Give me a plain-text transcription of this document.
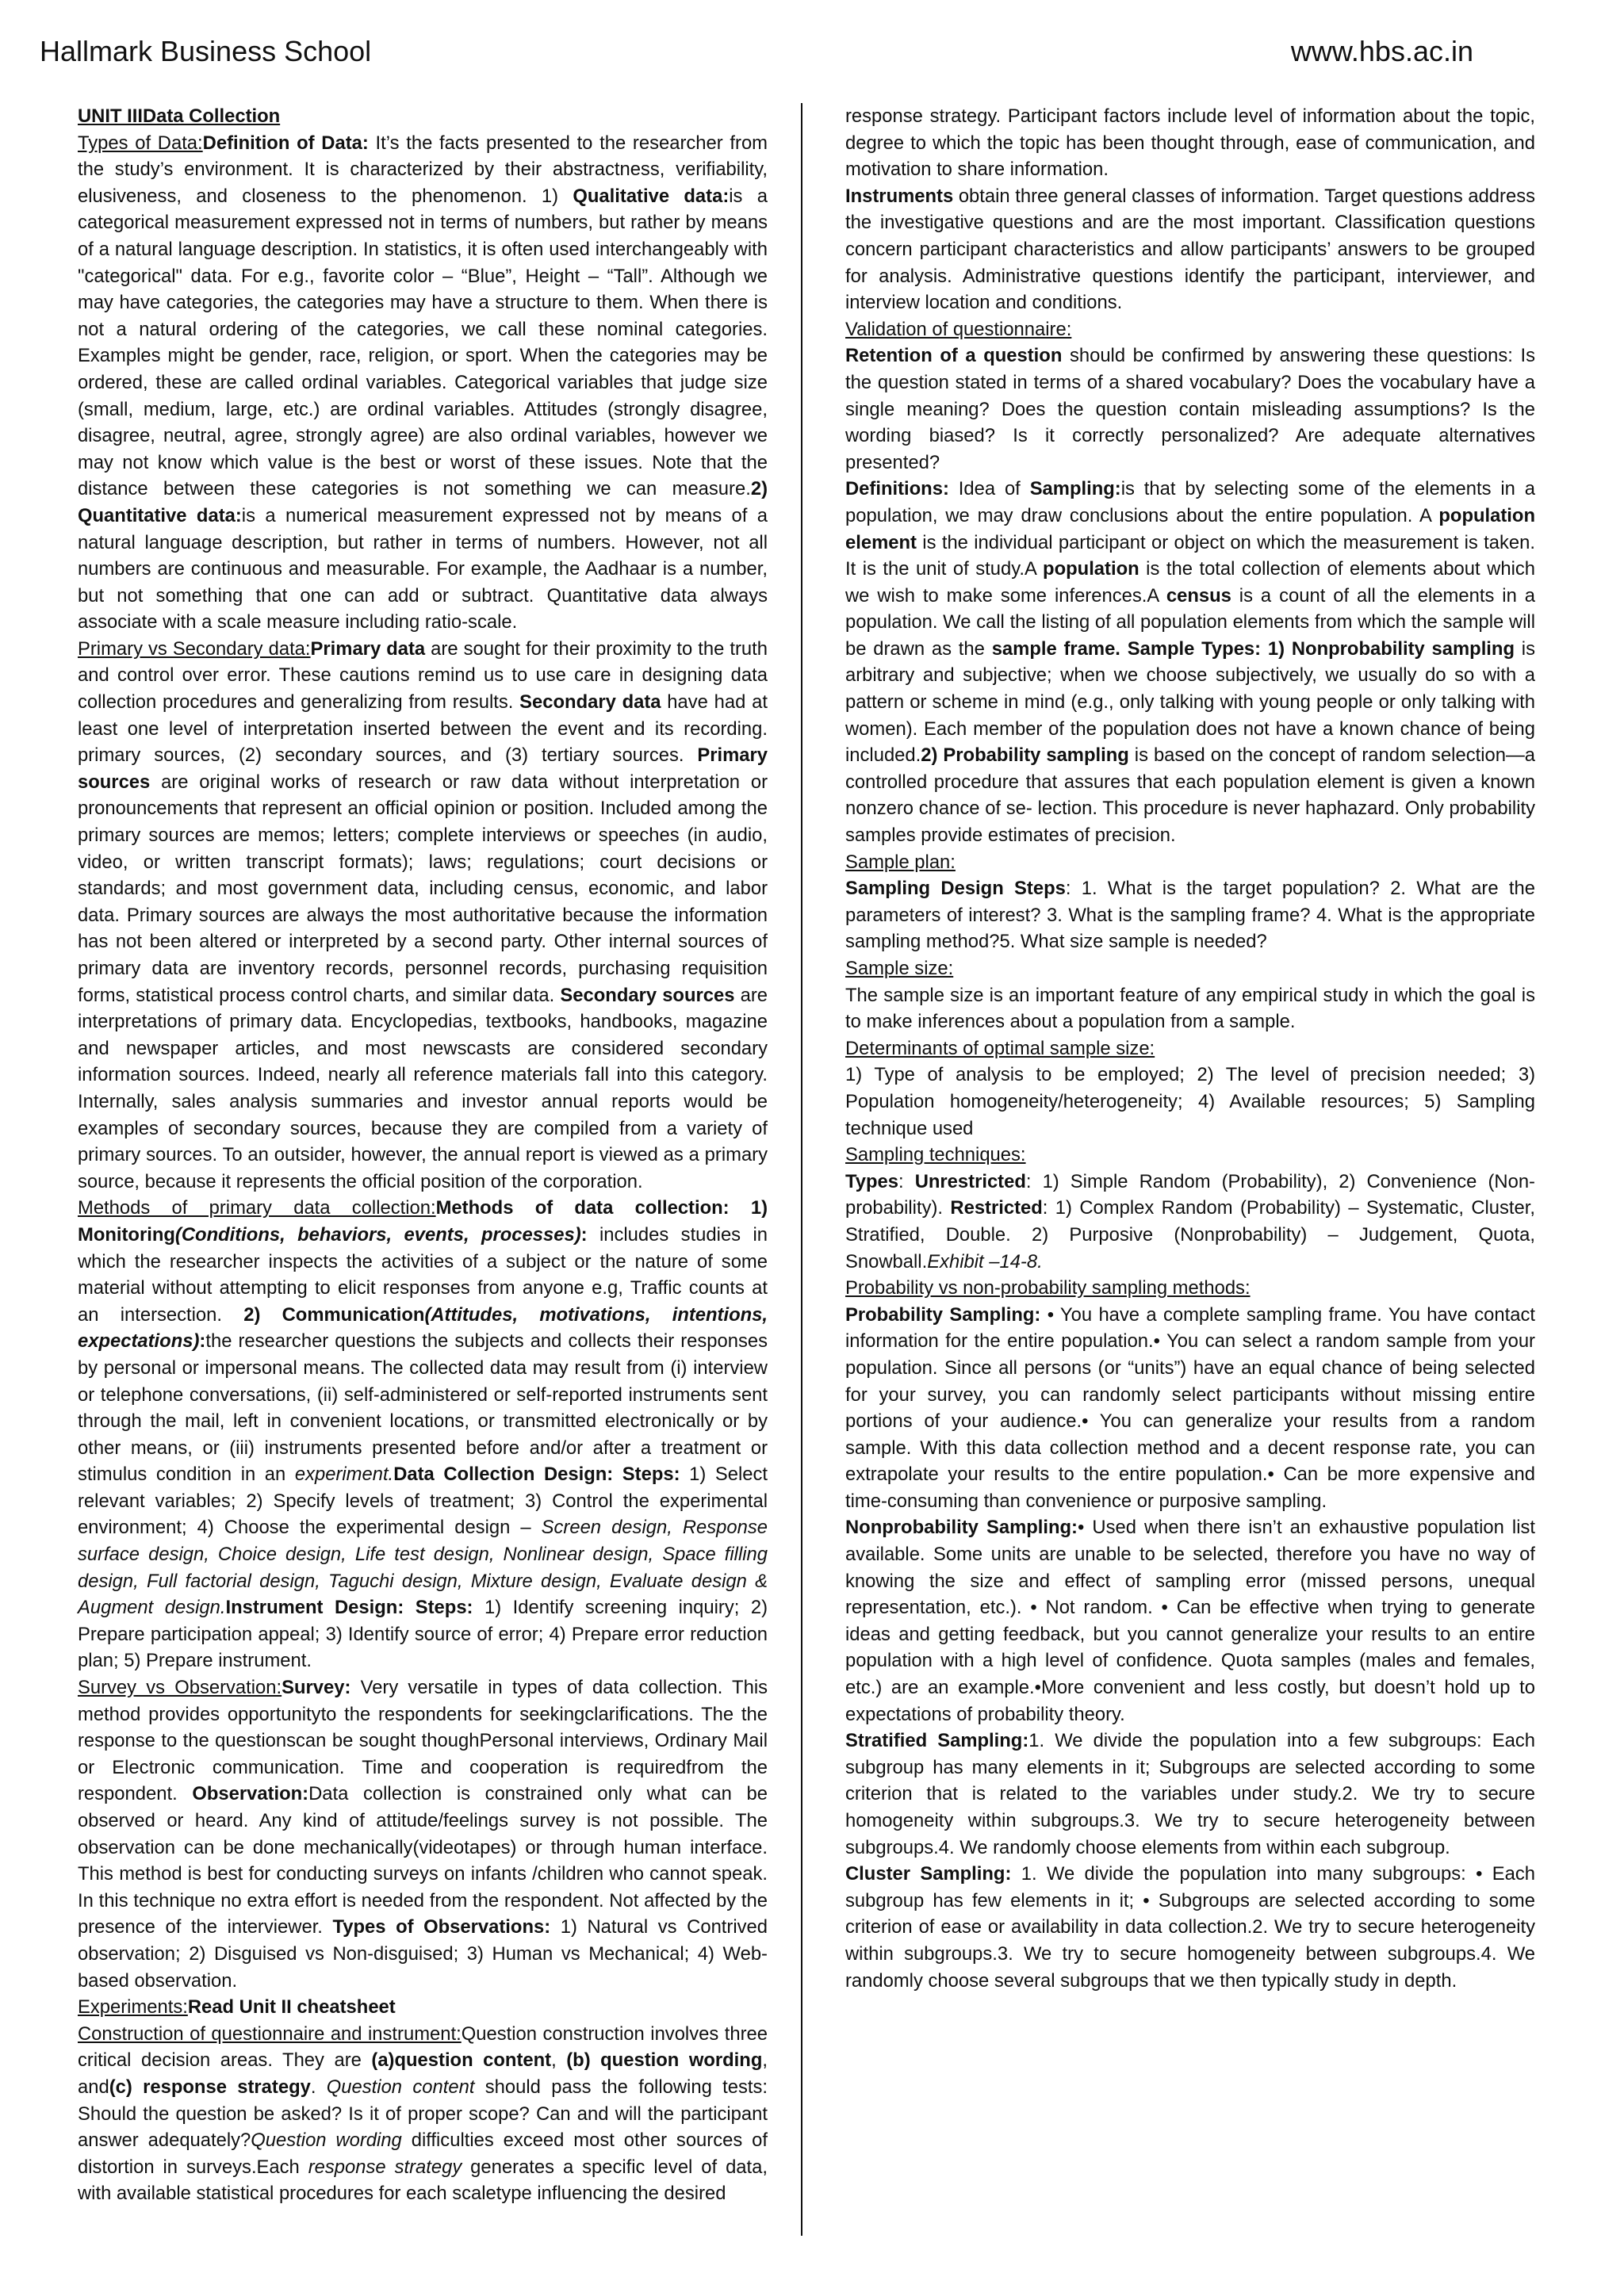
Hallmark Business School	www.hbs.ac.in

UNIT IIIData Collection

Types of Data:Definition of Data: It’s the facts presented to the researcher from the study’s environment. It is characterized by their abstractness, verifiability, elusiveness, and closeness to the phenomenon. 1) Qualitative data:is a categorical measurement expressed not in terms of numbers, but rather by means of a natural language description. In statistics, it is often used interchangeably with "categorical" data. For e.g., favorite color – “Blue”, Height – “Tall”. Although we may have categories, the categories may have a structure to them. When there is not a natural ordering of the categories, we call these nominal categories. Examples might be gender, race, religion, or sport. When the categories may be ordered, these are called ordinal variables. Categorical variables that judge size (small, medium, large, etc.) are ordinal variables. Attitudes (strongly disagree, disagree, neutral, agree, strongly agree) are also ordinal variables, however we may not know which value is the best or worst of these issues. Note that the distance between these categories is not something we can measure.2) Quantitative data:is a numerical measurement expressed not by means of a natural language description, but rather in terms of numbers. However, not all numbers are continuous and measurable. For example, the Aadhaar is a number, but not something that one can add or subtract. Quantitative data always associate with a scale measure including ratio-scale.

Primary vs Secondary data:Primary data are sought for their proximity to the truth and control over error. These cautions remind us to use care in designing data collection procedures and generalizing from results. Secondary data have had at least one level of interpretation inserted between the event and its recording. primary sources, (2) secondary sources, and (3) tertiary sources. Primary sources are original works of research or raw data without interpretation or pronouncements that represent an official opinion or position. Included among the primary sources are memos; letters; complete interviews or speeches (in audio, video, or written transcript formats); laws; regulations; court decisions or standards; and most government data, including census, economic, and labor data. Primary sources are always the most authoritative because the information has not been altered or interpreted by a second party. Other internal sources of primary data are inventory records, personnel records, purchasing requisition forms, statistical process control charts, and similar data. Secondary sources are interpretations of primary data. Encyclopedias, textbooks, handbooks, magazine and newspaper articles, and most newscasts are considered secondary information sources. Indeed, nearly all reference materials fall into this category. Internally, sales analysis summaries and investor annual reports would be examples of secondary sources, because they are compiled from a variety of primary sources. To an outsider, however, the annual report is viewed as a primary source, because it represents the official position of the corporation.

Methods of primary data collection:Methods of data collection: 1) Monitoring(Conditions, behaviors, events, processes): includes studies in which the researcher inspects the activities of a subject or the nature of some material without attempting to elicit responses from anyone e.g, Traffic counts at an intersection. 2) Communication(Attitudes, motivations, intentions, expectations):the researcher questions the subjects and collects their responses by personal or impersonal means. The collected data may result from (i) interview or telephone conversations, (ii) self-administered or self-reported instruments sent through the mail, left in convenient locations, or transmitted electronically or by other means, or (iii) instruments presented before and/or after a treatment or stimulus condition in an experiment.Data Collection Design: Steps: 1) Select relevant variables; 2) Specify levels of treatment; 3) Control the experimental environment; 4) Choose the experimental design – Screen design, Response surface design, Choice design, Life test design, Nonlinear design, Space filling design, Full factorial design, Taguchi design, Mixture design, Evaluate design & Augment design.Instrument Design: Steps: 1) Identify screening inquiry; 2) Prepare participation appeal; 3) Identify source of error; 4) Prepare error reduction plan; 5) Prepare instrument.

Survey vs Observation:Survey: Very versatile in types of data collection. This method provides opportunityto the respondents for seekingclarifications. The the response to the questionscan be sought thoughPersonal interviews, Ordinary Mail or Electronic communication. Time and cooperation is requiredfrom the respondent. Observation:Data collection is constrained only what can be observed or heard. Any kind of attitude/feelings survey is not possible. The observation can be done mechanically(videotapes) or through human interface. This method is best for conducting surveys on infants /children who cannot speak. In this technique no extra effort is needed from the respondent. Not affected by the presence of the interviewer. Types of Observations: 1) Natural vs Contrived observation; 2) Disguised vs Non-disguised; 3) Human vs Mechanical; 4) Web-based observation.

Experiments:Read Unit II cheatsheet

Construction of questionnaire and instrument:Question construction involves three critical decision areas. They are (a)question content, (b) question wording, and(c) response strategy. Question content should pass the following tests: Should the question be asked? Is it of proper scope? Can and will the participant answer adequately?Question wording difficulties exceed most other sources of distortion in surveys.Each response strategy generates a specific level of data, with available statistical procedures for each scaletype influencing the desired

response strategy. Participant factors include level of information about the topic, degree to which the topic has been thought through, ease of communication, and motivation to share information.

Instruments obtain three general classes of information. Target questions address the investigative questions and are the most important. Classification questions concern participant characteristics and allow participants’ answers to be grouped for analysis. Administrative questions identify the participant, interviewer, and interview location and conditions.

Validation of questionnaire:

Retention of a question should be confirmed by answering these questions: Is the question stated in terms of a shared vocabulary? Does the vocabulary have a single meaning? Does the question contain misleading assumptions? Is the wording biased? Is it correctly personalized? Are adequate alternatives presented?

Definitions: Idea of Sampling:is that by selecting some of the elements in a population, we may draw conclusions about the entire population. A population element is the individual participant or object on which the measurement is taken. It is the unit of study.A population is the total collection of elements about which we wish to make some inferences.A census is a count of all the elements in a population. We call the listing of all population elements from which the sample will be drawn as the sample frame. Sample Types: 1) Nonprobability sampling is arbitrary and subjective; when we choose subjectively, we usually do so with a pattern or scheme in mind (e.g., only talking with young people or only talking with women). Each member of the population does not have a known chance of being included.2) Probability sampling is based on the concept of random selection—a controlled procedure that assures that each population element is given a known nonzero chance of se- lection. This procedure is never haphazard. Only probability samples provide estimates of precision.

Sample plan:

Sampling Design Steps: 1. What is the target population? 2. What are the parameters of interest? 3. What is the sampling frame? 4. What is the appropriate sampling method?5. What size sample is needed?

Sample size:

The sample size is an important feature of any empirical study in which the goal is to make inferences about a population from a sample.

Determinants of optimal sample size:

1) Type of analysis to be employed; 2) The level of precision needed; 3) Population homogeneity/heterogeneity; 4) Available resources; 5) Sampling technique used

Sampling techniques:

Types: Unrestricted: 1) Simple Random (Probability), 2) Convenience (Non-probability). Restricted: 1) Complex Random (Probability) – Systematic, Cluster, Stratified, Double. 2) Purposive (Nonprobability) – Judgement, Quota, Snowball.Exhibit –14-8.

Probability vs non-probability sampling methods:

Probability Sampling: • You have a complete sampling frame. You have contact information for the entire population.• You can select a random sample from your population. Since all persons (or “units”) have an equal chance of being selected for your survey, you can randomly select participants without missing entire portions of your audience.• You can generalize your results from a random sample. With this data collection method and a decent response rate, you can extrapolate your results to the entire population.• Can be more expensive and time-consuming than convenience or purposive sampling.

Nonprobability Sampling:• Used when there isn’t an exhaustive population list available. Some units are unable to be selected, therefore you have no way of knowing the size and effect of sampling error (missed persons, unequal representation, etc.). • Not random. • Can be effective when trying to generate ideas and getting feedback, but you cannot generalize your results to an entire population with a high level of confidence. Quota samples (males and females, etc.) are an example.•More convenient and less costly, but doesn’t hold up to expectations of probability theory.

Stratified Sampling:1. We divide the population into a few subgroups: Each subgroup has many elements in it; Subgroups are selected according to some criterion that is related to the variables under study.2. We try to secure homogeneity within subgroups.3. We try to secure heterogeneity between subgroups.4. We randomly choose elements from within each subgroup.

Cluster Sampling: 1. We divide the population into many subgroups: • Each subgroup has few elements in it; • Subgroups are selected according to some criterion of ease or availability in data collection.2. We try to secure heterogeneity within subgroups.3. We try to secure homogeneity between subgroups.4. We randomly choose several subgroups that we then typically study in depth.
